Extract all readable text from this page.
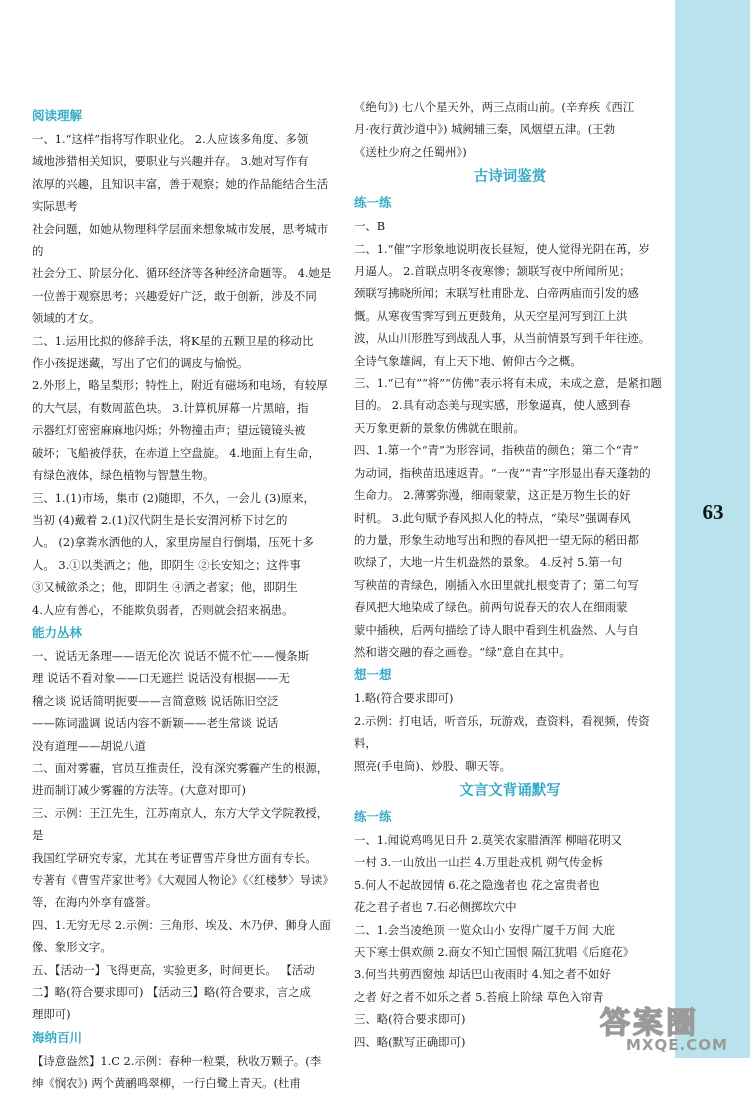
63

阅读理解

一、1.“这样”指将写作职业化。 2.人应该多角度、多领

域地涉猎相关知识，要职业与兴趣并存。 3.她对写作有

浓厚的兴趣，且知识丰富，善于观察；她的作品能结合生活实际思考

社会问题，如她从物理科学层面来想象城市发展，思考城市的

社会分工、阶层分化、循环经济等各种经济命题等。 4.她是

一位善于观察思考；兴趣爱好广泛，敢于创新，涉及不同

领域的才女。

二、1.运用比拟的修辞手法，将K星的五颗卫星的移动比

作小孩捉迷藏，写出了它们的调皮与愉悦。

2.外形上，略呈梨形；特性上，附近有磁场和电场，有较厚

的大气层，有数周蓝色块。 3.计算机屏幕一片黑暗，指

示器红灯密密麻麻地闪烁；外物撞击声；望远镜镜头被

破坏；飞船被俘获，在赤道上空盘旋。 4.地面上有生命，

有绿色液体，绿色植物与智慧生物。

三、1.(1)市场，集市 (2)随即，不久，一会儿 (3)原来，

当初 (4)戴着 2.(1)汉代阴生是长安渭河桥下讨乞的

人。 (2)拿粪水洒他的人，家里房屋自行倒塌，压死十多

人。 3.①以类洒之；他，即阴生 ②长安知之；这件事

③又械欲杀之；他，即阴生 ④洒之者家；他，即阴生

4.人应有善心，不能欺负弱者，否则就会招来祸患。

能力丛林

一、说话无条理——语无伦次 说话不慌不忙——慢条斯

理 说话不看对象——口无遮拦 说话没有根据——无

稽之谈 说话简明扼要——言简意赅 说话陈旧空泛

——陈词滥调 说话内容不新颖——老生常谈 说话

没有道理——胡说八道

二、面对雾霾，官员互推责任，没有深究雾霾产生的根源，

进而制订减少雾霾的方法等。(大意对即可)

三、示例：王江先生，江苏南京人，东方大学文学院教授，是

我国红学研究专家，尤其在考证曹雪芹身世方面有专长。

专著有《曹雪芹家世考》《大观园人物论》《〈红楼梦〉导读》

等，在海内外享有盛誉。

四、1.无穷无尽 2.示例：三角形、埃及、木乃伊、狮身人面

像、象形文字。

五、【活动一】飞得更高，实验更多，时间更长。 【活动

二】略(符合要求即可) 【活动三】略(符合要求，言之成

理即可)

海纳百川

【诗意盎然】1.C 2.示例：春种一粒粟，秋收万颗子。(李

绅《悯农》) 两个黄鹂鸣翠柳，一行白鹭上青天。(杜甫

《绝句》) 七八个星天外，两三点雨山前。(辛弃疾《西江

月·夜行黄沙道中》) 城阙辅三秦，风烟望五津。(王勃

《送杜少府之任蜀州》)

古诗词鉴赏

练一练

一、B

二、1.“催”字形象地说明夜长昼短，使人觉得光阴在苒，岁

月逼人。 2.首联点明冬夜寒惨；颔联写夜中所闻所见；

颈联写拂晓所闻；末联写杜甫卧龙、白帝两庙而引发的感

慨。从寒夜雪霁写到五更鼓角，从天空星河写到江上洪

波，从山川形胜写到战乱人事，从当前情景写到千年往迹。

全诗气象雄阔，有上天下地、俯仰古今之概。

三、1.“已有”“将”“仿佛”表示将有未成，未成之意，是紧扣题

目的。 2.具有动态美与现实感，形象逼真，使人感到春

天万象更新的景象仿佛就在眼前。

四、1.第一个“青”为形容词，指秧苗的颜色；第二个“青”

为动词，指秧苗迅速返青。“一夜”“青”字形显出春天蓬勃的

生命力。 2.薄雾弥漫，细雨蒙蒙，这正是万物生长的好

时机。 3.此句赋予春风拟人化的特点，“染尽”强调春风

的力量，形象生动地写出和煦的春风把一望无际的稻田都

吹绿了，大地一片生机盎然的景象。 4.反衬 5.第一句

写秧苗的青绿色，刚插入水田里就扎根变青了；第二句写

春风把大地染成了绿色。前两句说春天的农人在细雨蒙

蒙中插秧，后两句描绘了诗人眼中看到生机盎然、人与自

然和谐交融的春之画卷。“绿”意自在其中。

想一想

1.略(符合要求即可)

2.示例：打电话，听音乐，玩游戏，查资料，看视频，传资料，

照亮(手电筒)、炒股、聊天等。

文言文背诵默写

练一练

一、1.闻说鸡鸣见日升 2.莫笑农家腊酒浑 柳暗花明又

一村 3.一山放出一山拦 4.万里赴戎机 朔气传金柝

5.何人不起故园情 6.花之隐逸者也 花之富贵者也

花之君子者也 7.石必侧掷坎穴中

二、1.会当凌绝顶 一览众山小 安得广厦千万间 大庇

天下寒士俱欢颜 2.商女不知亡国恨 隔江犹唱《后庭花》

3.何当共剪西窗烛 却话巴山夜雨时 4.知之者不如好

之者 好之者不如乐之者 5.苔痕上阶绿 草色入帘青

三、略(符合要求即可)

四、略(默写正确即可)

答案圈
MXQE.COM
